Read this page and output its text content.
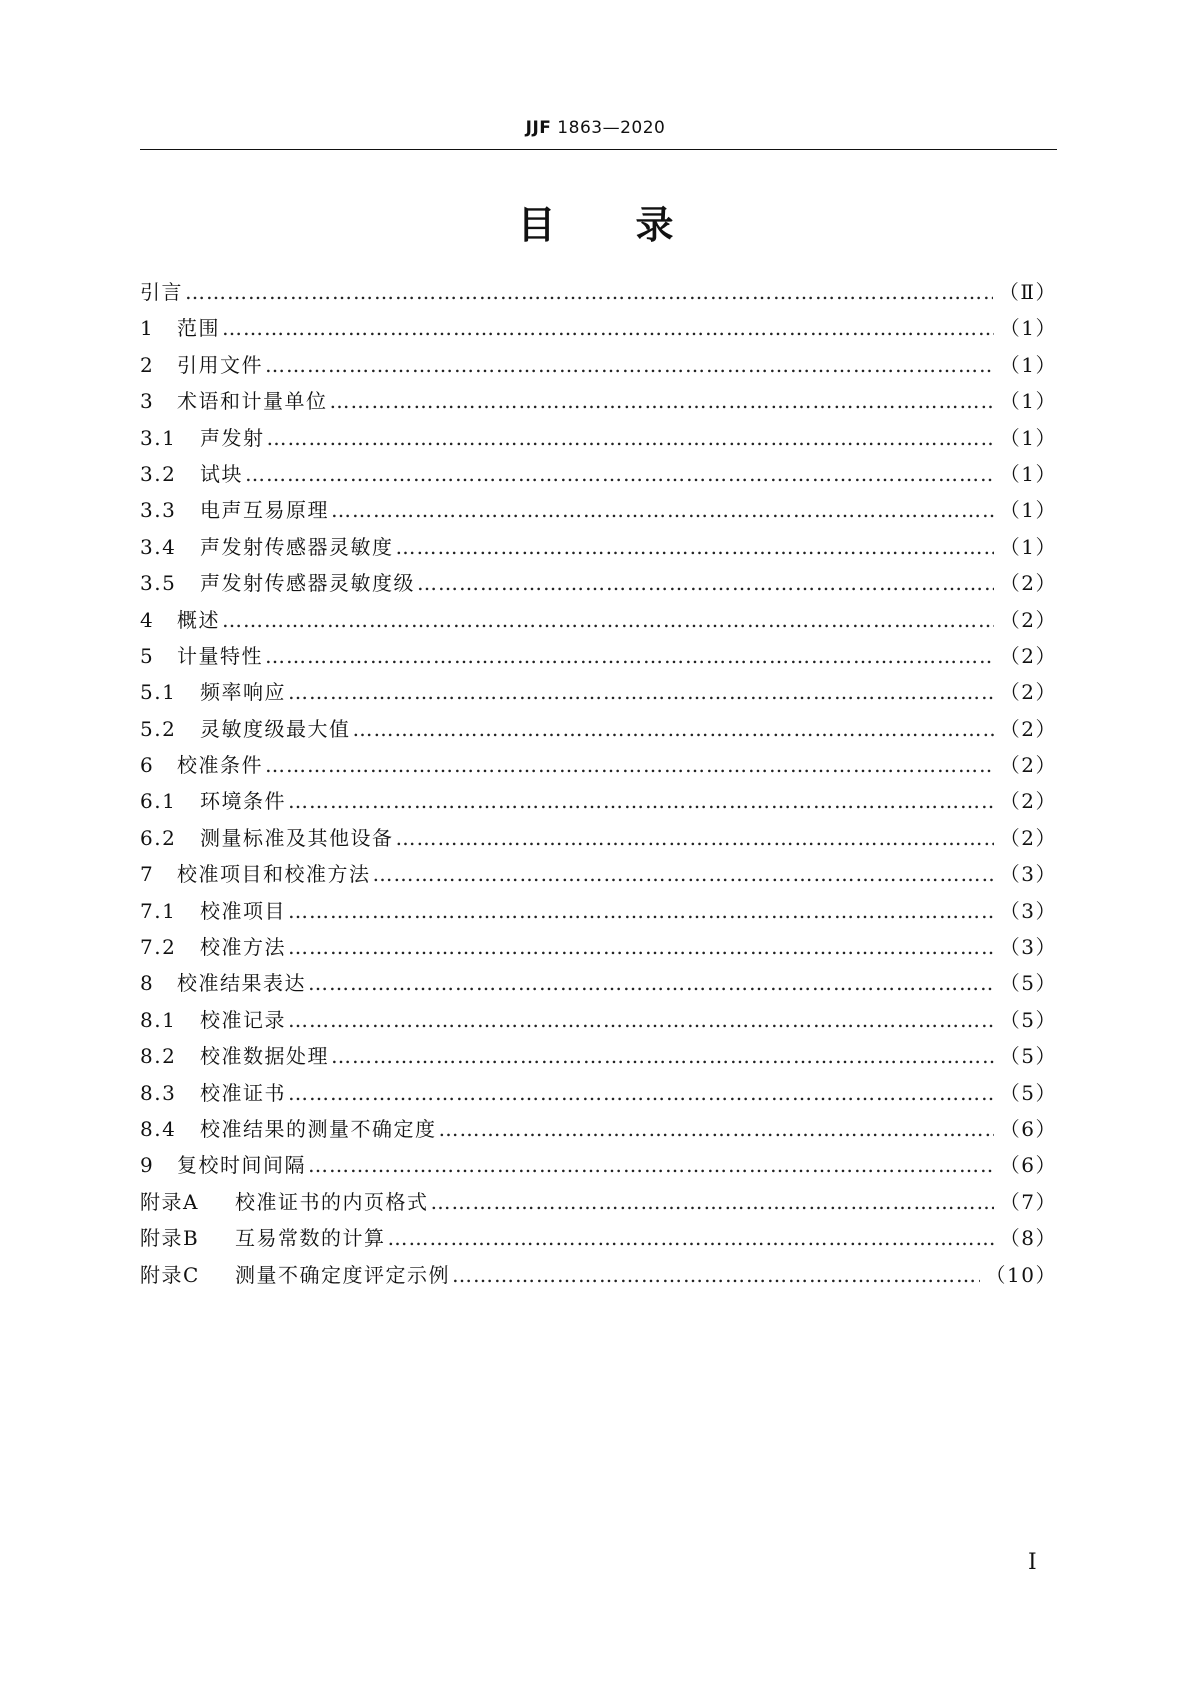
JJF 1863—2020
目录
引言 ……………………………………………………………………………………………………………………………………………………………………………………………………………………………………	（Ⅱ）
1	范围 ……………………………………………………………………………………………………………………………………………………………………………………………………………………………………	（1）
2	引用文件 ……………………………………………………………………………………………………………………………………………………………………………………………………………………………………	（1）
3	术语和计量单位 ……………………………………………………………………………………………………………………………………………………………………………………………………………………………………	（1）
3.1	声发射 ……………………………………………………………………………………………………………………………………………………………………………………………………………………………………	（1）
3.2	试块 ……………………………………………………………………………………………………………………………………………………………………………………………………………………………………	（1）
3.3	电声互易原理 ……………………………………………………………………………………………………………………………………………………………………………………………………………………………………	（1）
3.4	声发射传感器灵敏度 ……………………………………………………………………………………………………………………………………………………………………………………………………………………………………	（1）
3.5	声发射传感器灵敏度级 ……………………………………………………………………………………………………………………………………………………………………………………………………………………………………	（2）
4	概述 ……………………………………………………………………………………………………………………………………………………………………………………………………………………………………	（2）
5	计量特性 ……………………………………………………………………………………………………………………………………………………………………………………………………………………………………	（2）
5.1	频率响应 ……………………………………………………………………………………………………………………………………………………………………………………………………………………………………	（2）
5.2	灵敏度级最大值 ……………………………………………………………………………………………………………………………………………………………………………………………………………………………………	（2）
6	校准条件 ……………………………………………………………………………………………………………………………………………………………………………………………………………………………………	（2）
6.1	环境条件 ……………………………………………………………………………………………………………………………………………………………………………………………………………………………………	（2）
6.2	测量标准及其他设备 ……………………………………………………………………………………………………………………………………………………………………………………………………………………………………	（2）
7	校准项目和校准方法 ……………………………………………………………………………………………………………………………………………………………………………………………………………………………………	（3）
7.1	校准项目 ……………………………………………………………………………………………………………………………………………………………………………………………………………………………………	（3）
7.2	校准方法 ……………………………………………………………………………………………………………………………………………………………………………………………………………………………………	（3）
8	校准结果表达 ……………………………………………………………………………………………………………………………………………………………………………………………………………………………………	（5）
8.1	校准记录 ……………………………………………………………………………………………………………………………………………………………………………………………………………………………………	（5）
8.2	校准数据处理 ……………………………………………………………………………………………………………………………………………………………………………………………………………………………………	（5）
8.3	校准证书 ……………………………………………………………………………………………………………………………………………………………………………………………………………………………………	（5）
8.4	校准结果的测量不确定度 ……………………………………………………………………………………………………………………………………………………………………………………………………………………………………	（6）
9	复校时间间隔 ……………………………………………………………………………………………………………………………………………………………………………………………………………………………………	（6）
附录A	校准证书的内页格式 ……………………………………………………………………………………………………………………………………………………………………………………………………………………………………	（7）
附录B	互易常数的计算 ……………………………………………………………………………………………………………………………………………………………………………………………………………………………………	（8）
附录C	测量不确定度评定示例 ……………………………………………………………………………………………………………………………………………………………………………………………………………………………………	（10）
I
